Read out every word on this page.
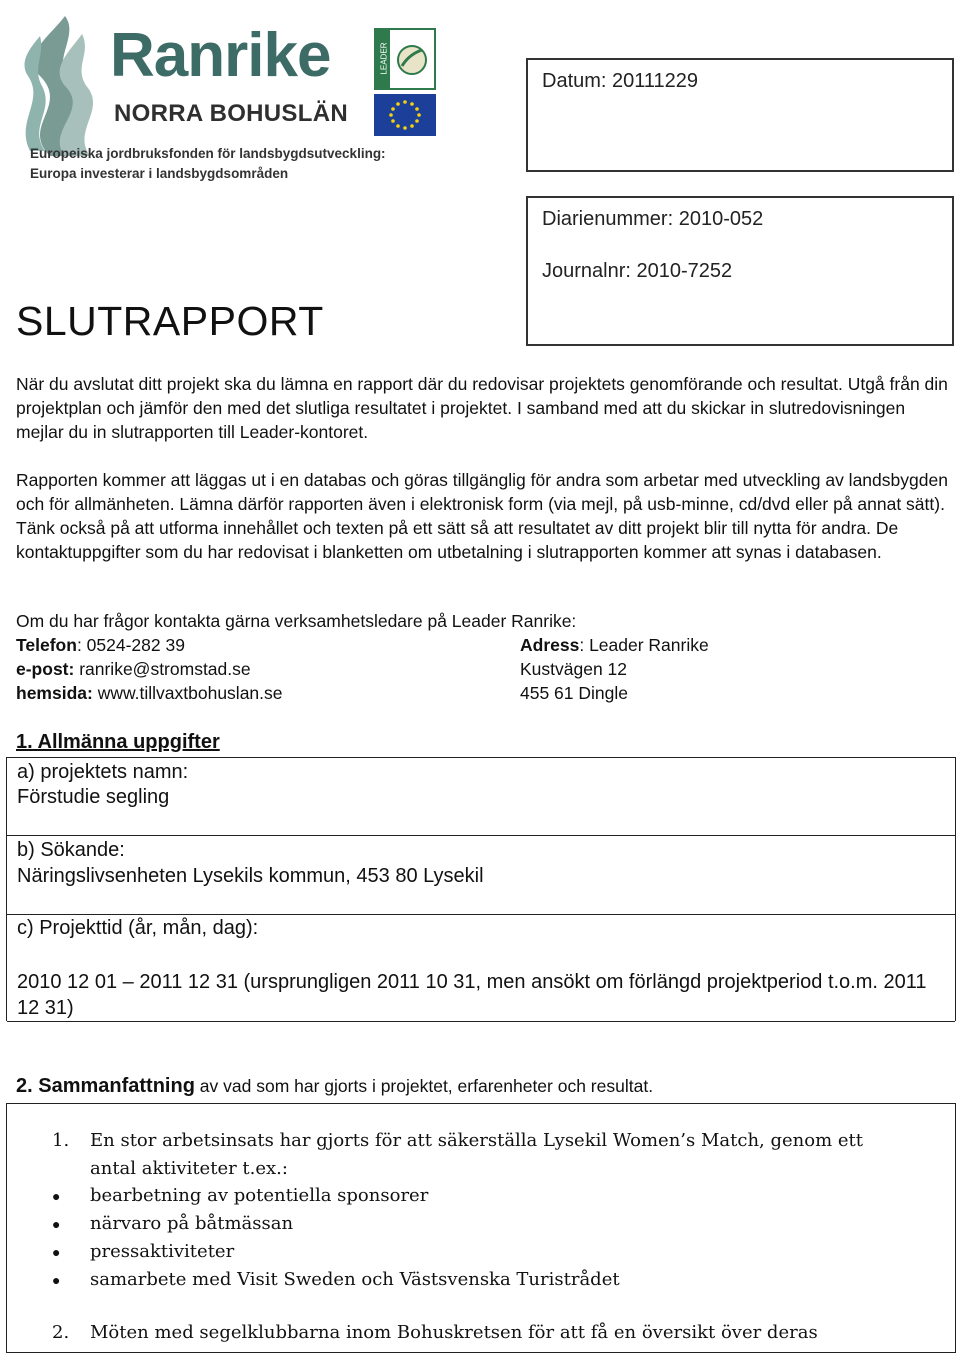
Ranrike
NORRA BOHUSLÄN
LEADER
Europeiska jordbruksfonden för landsbygdsutveckling:
Europa investerar i landsbygdsområden
Datum: 20111229
Diarienummer: 2010-052
Journalnr: 2010-7252
SLUTRAPPORT
När du avslutat ditt projekt ska du lämna en rapport där du redovisar projektets genomförande och resultat. Utgå från din projektplan och jämför den med det slutliga resultatet i projektet. I samband med att du skickar in slutredovisningen mejlar du in slutrapporten till Leader-kontoret.
Rapporten kommer att läggas ut i en databas och göras tillgänglig för andra som arbetar med utveckling av landsbygden och för allmänheten. Lämna därför rapporten även i elektronisk form (via mejl, på usb-minne, cd/dvd eller på annat sätt). Tänk också på att utforma innehållet och texten på ett sätt så att resultatet av ditt projekt blir till nytta för andra. De kontaktuppgifter som du har redovisat i blanketten om utbetalning i slutrapporten kommer att synas i databasen.
Om du har frågor kontakta gärna verksamhetsledare på Leader Ranrike:
Telefon: 0524-282 39
e-post: ranrike@stromstad.se
hemsida: www.tillvaxtbohuslan.se
Adress: Leader Ranrike
Kustvägen 12
455 61 Dingle
1. Allmänna uppgifter
a) projektets namn:
Förstudie segling
b) Sökande:
Näringslivsenheten Lysekils kommun, 453 80 Lysekil
c) Projekttid (år, mån, dag):
2010 12 01 – 2011 12 31 (ursprungligen 2011 10 31, men ansökt om förlängd projektperiod t.o.m. 2011 12 31)
2. Sammanfattning av vad som har gjorts i projektet, erfarenheter och resultat.
1. En stor arbetsinsats har gjorts för att säkerställa Lysekil Women’s Match, genom ett
antal aktiviteter t.ex.:
● bearbetning av potentiella sponsorer
● närvaro på båtmässan
● pressaktiviteter
● samarbete med Visit Sweden och Västsvenska Turistrådet
2. Möten med segelklubbarna inom Bohuskretsen för att få en översikt över deras
